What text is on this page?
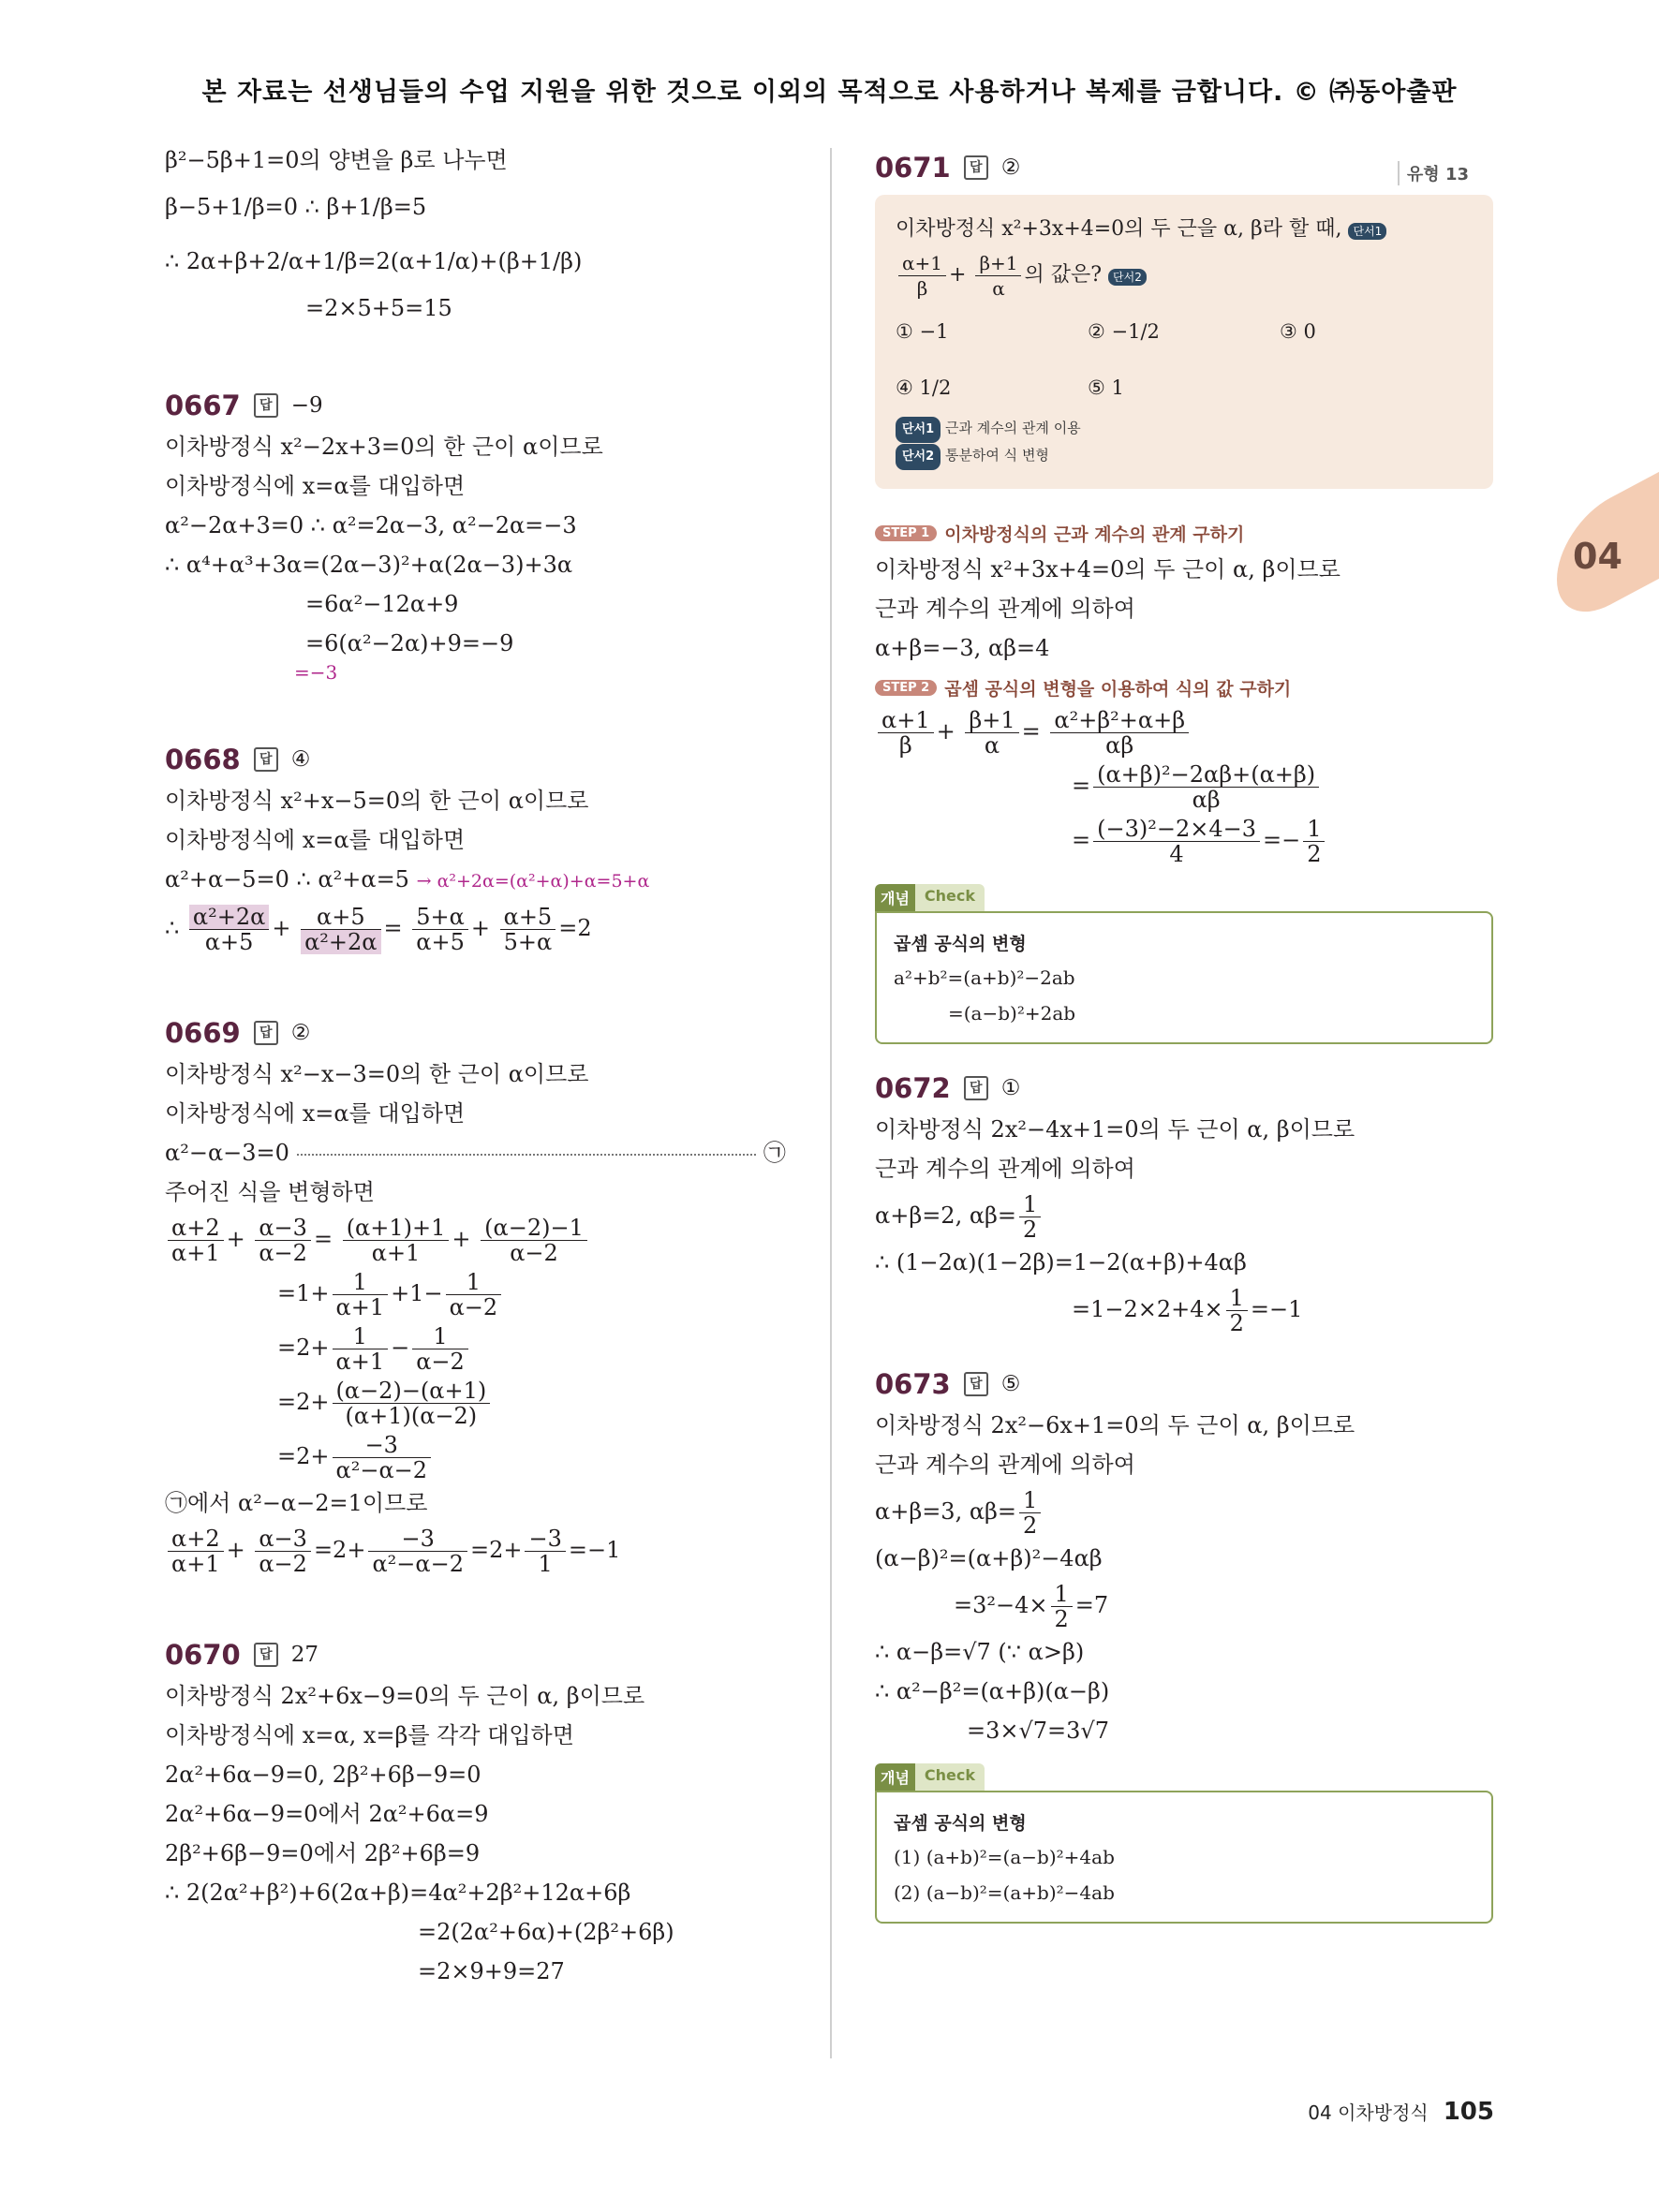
본 자료는 선생님들의 수업 지원을 위한 것으로 이외의 목적으로 사용하거나 복제를 금합니다. © ㈜동아출판
β²−5β+1=0의 양변을 β로 나누면
β−5+1/β=0 ∴ β+1/β=5
∴ 2α+β+2/α+1/β=2(α+1/α)+(β+1/β)
=2×5+5=15
0667	답 −9
이차방정식 x²−2x+3=0의 한 근이 α이므로
이차방정식에 x=α를 대입하면
α²−2α+3=0 ∴ α²=2α−3, α²−2α=−3
∴ α⁴+α³+3α=(2α−3)²+α(2α−3)+3α
=6α²−12α+9
=6(α²−2α)+9=−9
=−3
0668	답 ④
이차방정식 x²+x−5=0의 한 근이 α이므로
이차방정식에 x=α를 대입하면
α²+α−5=0 ∴ α²+α=5 → α²+2α=(α²+α)+α=5+α
∴ $\frac{\text{α²+2α}}{\alpha+5} + \frac{\alpha+5}{\text{α²+2α}} = \frac{5+\alpha}{\alpha+5} + \frac{\alpha+5}{5+\alpha} =2$
0669	답 ②
이차방정식 x²−x−3=0의 한 근이 α이므로
이차방정식에 x=α를 대입하면
α²−α−3=0	㉠
주어진 식을 변형하면
$\frac{\alpha+2}{\alpha+1} + \frac{\alpha-3}{\alpha-2} = \frac{(\alpha+1)+1}{\alpha+1} + \frac{(\alpha-2)-1}{\alpha-2}$
$=1+ \frac{1}{\alpha+1} +1- \frac{1}{\alpha-2}$
$=2+ \frac{1}{\alpha+1} - \frac{1}{\alpha-2}$
$=2+ \frac{(\alpha-2)-(\alpha+1)}{(\alpha+1)(\alpha-2)}$
$=2+ \frac{-3}{\text{α²−α−2}}$
㉠에서 α²−α−2=1이므로
$\frac{\alpha+2}{\alpha+1} + \frac{\alpha-3}{\alpha-2} =2+ \frac{-3}{\text{α²−α−2}} =2+ \frac{-3}{1} =-1$
0670	답 27
이차방정식 2x²+6x−9=0의 두 근이 α, β이므로
이차방정식에 x=α, x=β를 각각 대입하면
2α²+6α−9=0, 2β²+6β−9=0
2α²+6α−9=0에서 2α²+6α=9
2β²+6β−9=0에서 2β²+6β=9
∴ 2(2α²+β²)+6(2α+β)=4α²+2β²+12α+6β
=2(2α²+6α)+(2β²+6β)
=2×9+9=27
0671	답 ②	유형 13
이차방정식 x²+3x+4=0의 두 근을 α, β라 할 때, 단서1
$\frac{\alpha+1}{\beta} + \frac{\beta+1}{\alpha}$ 의 값은? 단서2
① −1	② −1/2	③ 0
④ 1/2	⑤ 1
단서1 근과 계수의 관계 이용
단서2 통분하여 식 변형
STEP 1 이차방정식의 근과 계수의 관계 구하기
이차방정식 x²+3x+4=0의 두 근이 α, β이므로
근과 계수의 관계에 의하여
α+β=−3, αβ=4
STEP 2 곱셈 공식의 변형을 이용하여 식의 값 구하기
$\frac{\alpha+1}{\beta} + \frac{\beta+1}{\alpha} = \frac{\text{α²+β²+α+β}}{\alpha\beta}$
= $\frac{\text{(α+β)²−2αβ+(α+β)}}{\alpha\beta}$
= $\frac{\text{(−3)²−2×4−3}}{4} =- \frac{1}{2}$
개념	Check
곱셈 공식의 변형
a²+b²=(a+b)²−2ab
=(a−b)²+2ab
0672	답 ①
이차방정식 2x²−4x+1=0의 두 근이 α, β이므로
근과 계수의 관계에 의하여
α+β=2, $\alpha\beta= \frac{1}{2}$
∴ (1−2α)(1−2β)=1−2(α+β)+4αβ
$=1-2\times 2+4\times \frac{1}{2} =-1$
0673	답 ⑤
이차방정식 2x²−6x+1=0의 두 근이 α, β이므로
근과 계수의 관계에 의하여
α+β=3, $\alpha\beta= \frac{1}{2}$
(α−β)²=(α+β)²−4αβ
$=3^2-4\times \frac{1}{2} =7$
∴ α−β=√7 (∵ α>β)
∴ α²−β²=(α+β)(α−β)
=3×√7=3√7
개념	Check
곱셈 공식의 변형
(1) (a+b)²=(a−b)²+4ab
(2) (a−b)²=(a+b)²−4ab
04
04 이차방정식 105
